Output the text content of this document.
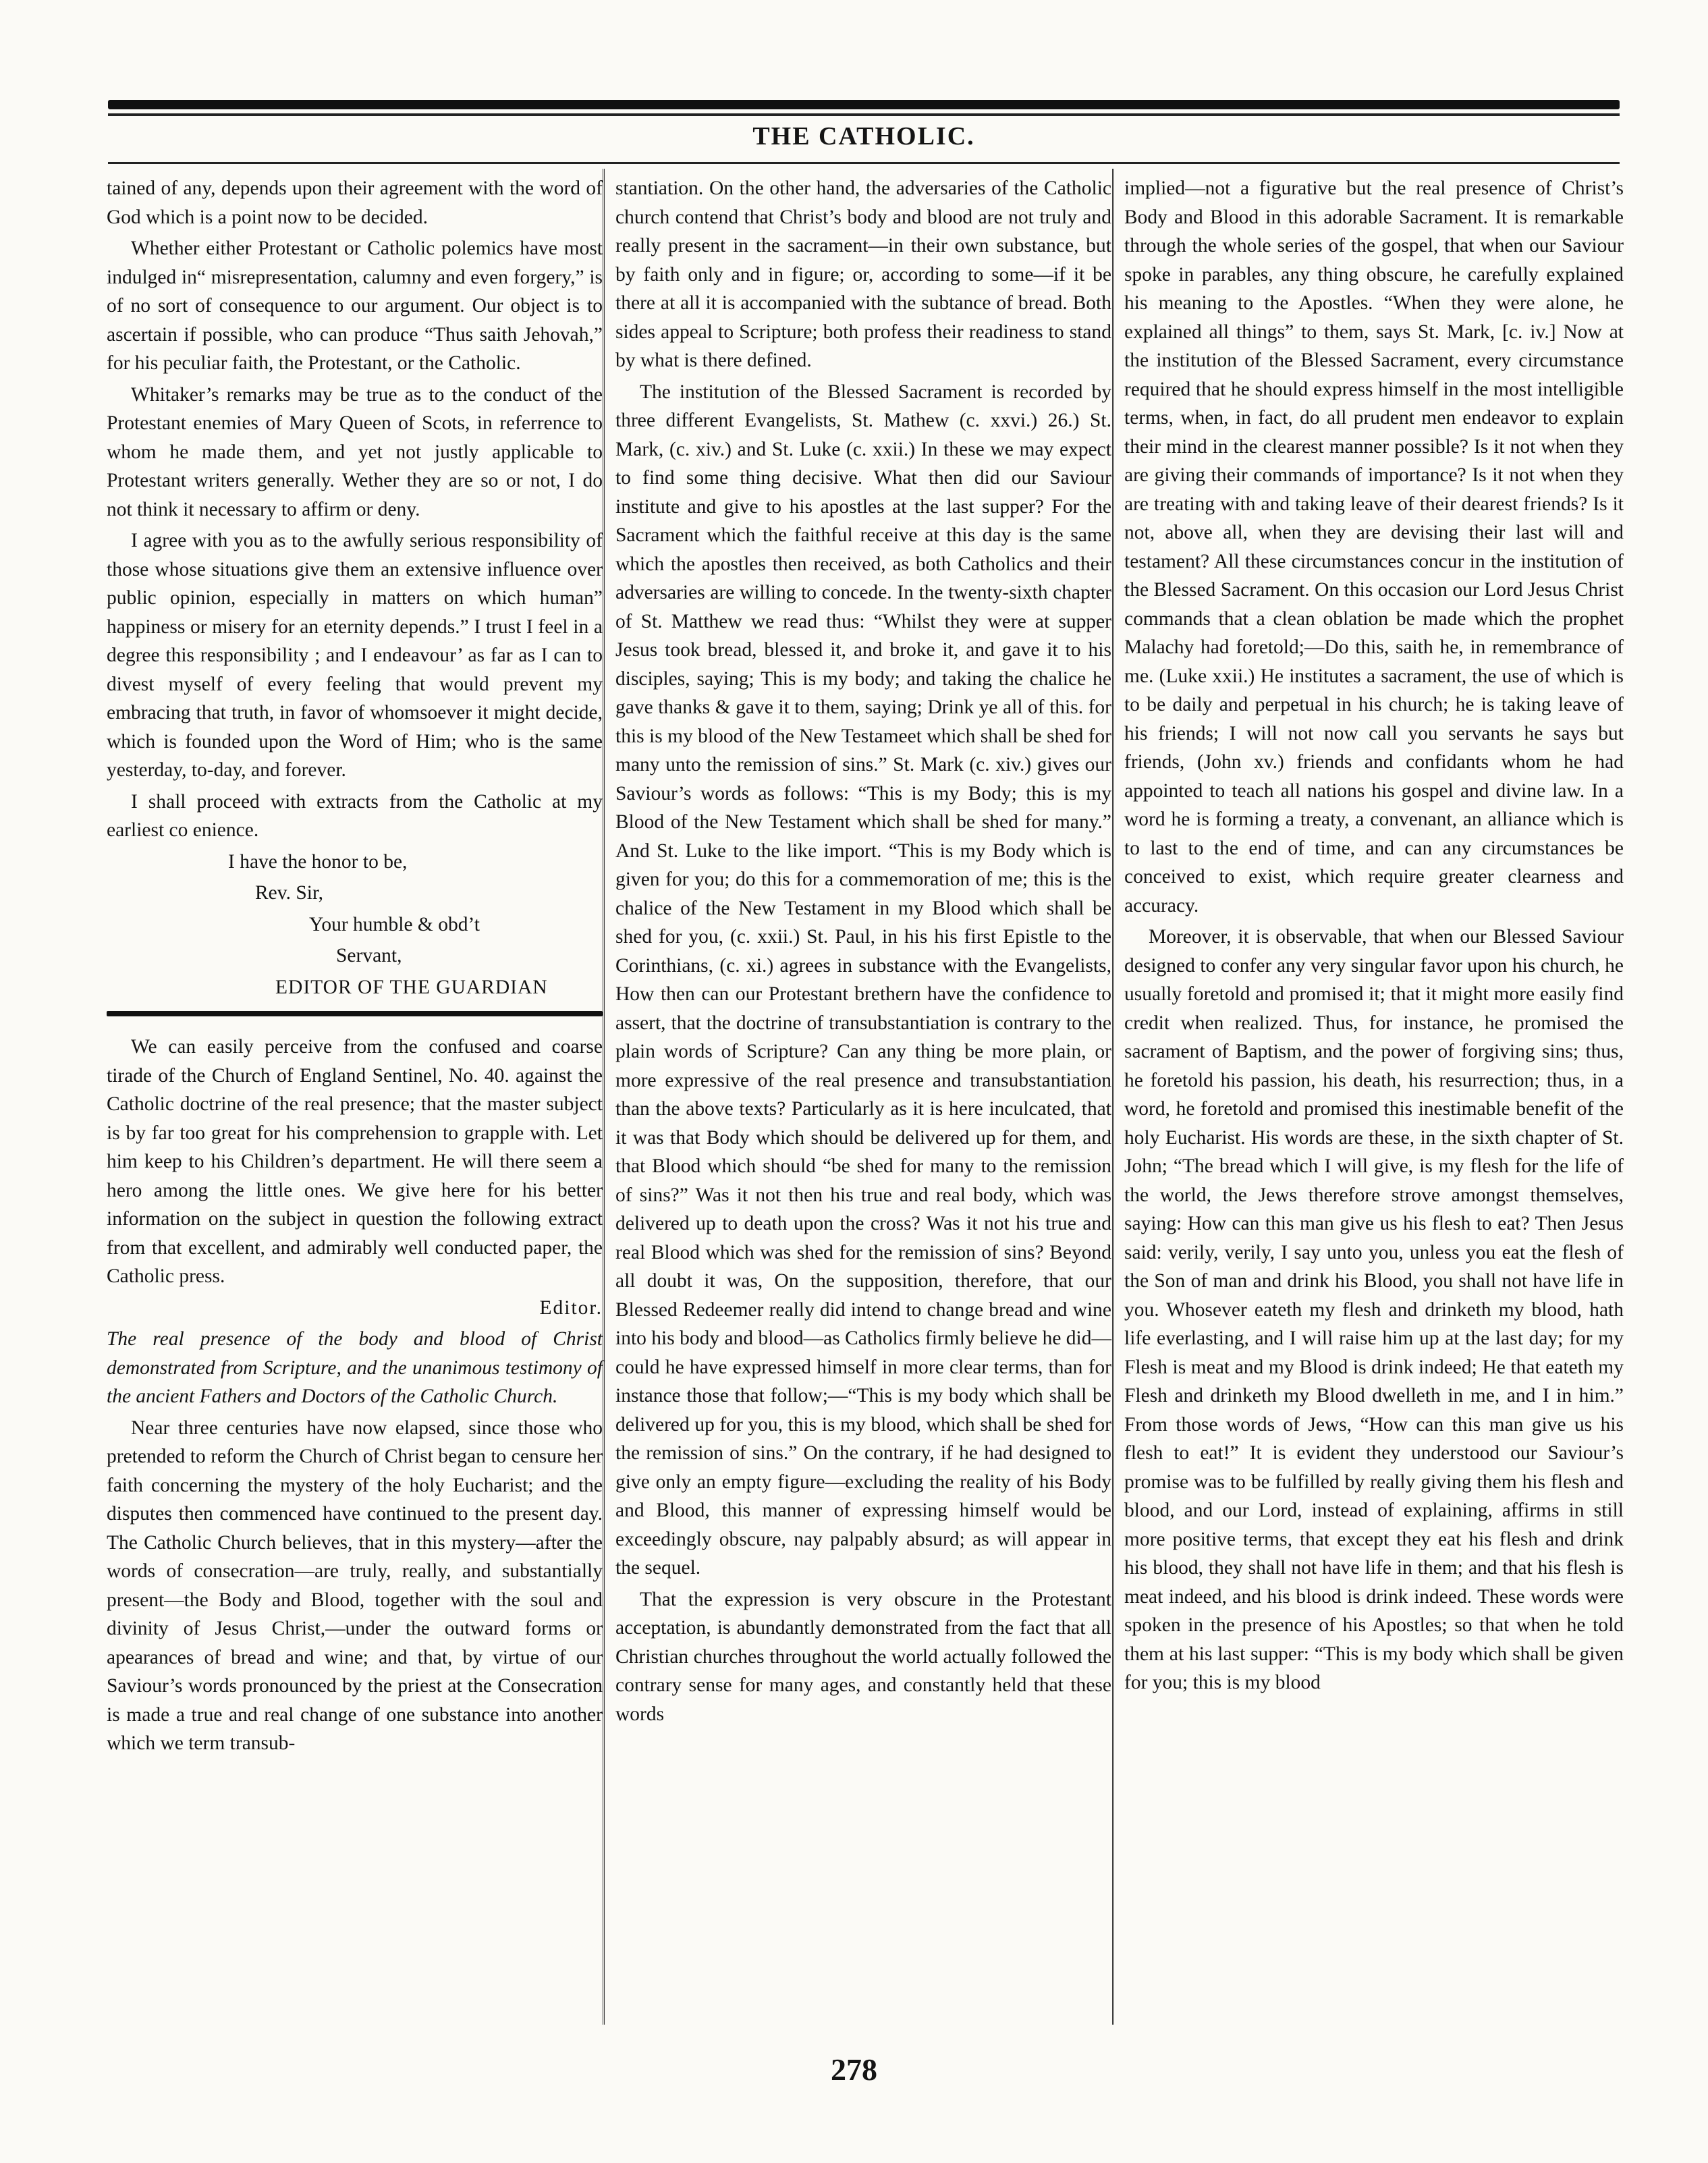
THE CATHOLIC.

tained of any, depends upon their agreement with the word of God which is a point now to be decided.

Whether either Protestant or Catholic polemics have most indulged in“ misrepresentation, calumny and even forgery,” is of no sort of consequence to our argument. Our object is to ascertain if possible, who can produce “Thus saith Jehovah,” for his peculiar faith, the Protestant, or the Catholic.

Whitaker’s remarks may be true as to the conduct of the Protestant enemies of Mary Queen of Scots, in referrence to whom he made them, and yet not justly applicable to Protestant writers generally. Wether they are so or not, I do not think it necessary to affirm or deny.

I agree with you as to the awfully serious responsibility of those whose situations give them an extensive influence over public opinion, especially in matters on which human” happiness or misery for an eternity depends.” I trust I feel in a degree this responsibility ; and I endeavour’ as far as I can to divest myself of every feeling that would prevent my embracing that truth, in favor of whomsoever it might decide, which is founded upon the Word of Him; who is the same yesterday, to-day, and forever.

I shall proceed with extracts from the Catholic at my earliest co enience.

I have the honor to be,

Rev. Sir,

Your humble & obd’t

Servant,

EDITOR OF THE GUARDIAN

We can easily perceive from the confused and coarse tirade of the Church of England Sentinel, No. 40. against the Catholic doctrine of the real presence; that the master subject is by far too great for his comprehension to grapple with. Let him keep to his Children’s department. He will there seem a hero among the little ones. We give here for his better information on the subject in question the following extract from that excellent, and admirably well conducted paper, the Catholic press.

Editor.

The real presence of the body and blood of Christ demonstrated from Scripture, and the unanimous testimony of the ancient Fathers and Doctors of the Catholic Church.

Near three centuries have now elapsed, since those who pretended to reform the Church of Christ began to censure her faith concerning the mystery of the holy Eucharist; and the disputes then commenced have continued to the present day. The Catholic Church believes, that in this mystery—after the words of consecration—are truly, really, and substantially present—the Body and Blood, together with the soul and divinity of Jesus Christ,—under the outward forms or apearances of bread and wine; and that, by virtue of our Saviour’s words pronounced by the priest at the Consecration is made a true and real change of one substance into another which we term transub-

stantiation. On the other hand, the adversaries of the Catholic church contend that Christ’s body and blood are not truly and really present in the sacrament—in their own substance, but by faith only and in figure; or, according to some—if it be there at all it is accompanied with the subtance of bread. Both sides appeal to Scripture; both profess their readiness to stand by what is there defined.

The institution of the Blessed Sacrament is recorded by three different Evangelists, St. Mathew (c. xxvi.) 26.) St. Mark, (c. xiv.) and St. Luke (c. xxii.) In these we may expect to find some thing decisive. What then did our Saviour institute and give to his apostles at the last supper? For the Sacrament which the faithful receive at this day is the same which the apostles then received, as both Catholics and their adversaries are willing to concede. In the twenty-sixth chapter of St. Matthew we read thus: “Whilst they were at supper Jesus took bread, blessed it, and broke it, and gave it to his disciples, saying; This is my body; and taking the chalice he gave thanks & gave it to them, saying; Drink ye all of this. for this is my blood of the New Testameet which shall be shed for many unto the remission of sins.” St. Mark (c. xiv.) gives our Saviour’s words as follows: “This is my Body; this is my Blood of the New Testament which shall be shed for many.” And St. Luke to the like import. “This is my Body which is given for you; do this for a commemoration of me; this is the chalice of the New Testament in my Blood which shall be shed for you, (c. xxii.) St. Paul, in his his first Epistle to the Corinthians, (c. xi.) agrees in substance with the Evangelists, How then can our Protestant brethern have the confidence to assert, that the doctrine of transubstantiation is contrary to the plain words of Scripture? Can any thing be more plain, or more expressive of the real presence and transubstantiation than the above texts? Particularly as it is here inculcated, that it was that Body which should be delivered up for them, and that Blood which should “be shed for many to the remission of sins?” Was it not then his true and real body, which was delivered up to death upon the cross? Was it not his true and real Blood which was shed for the remission of sins? Beyond all doubt it was, On the supposition, therefore, that our Blessed Redeemer really did intend to change bread and wine into his body and blood—as Catholics firmly believe he did—could he have expressed himself in more clear terms, than for instance those that follow;—“This is my body which shall be delivered up for you, this is my blood, which shall be shed for the remission of sins.” On the contrary, if he had designed to give only an empty figure—excluding the reality of his Body and Blood, this manner of expressing himself would be exceedingly obscure, nay palpably absurd; as will appear in the sequel.

That the expression is very obscure in the Protestant acceptation, is abundantly demonstrated from the fact that all Christian churches throughout the world actually followed the contrary sense for many ages, and constantly held that these words

implied—not a figurative but the real presence of Christ’s Body and Blood in this adorable Sacrament. It is remarkable through the whole series of the gospel, that when our Saviour spoke in parables, any thing obscure, he carefully explained his meaning to the Apostles. “When they were alone, he explained all things” to them, says St. Mark, [c. iv.] Now at the institution of the Blessed Sacrament, every circumstance required that he should express himself in the most intelligible terms, when, in fact, do all prudent men endeavor to explain their mind in the clearest manner possible? Is it not when they are giving their commands of importance? Is it not when they are treating with and taking leave of their dearest friends? Is it not, above all, when they are devising their last will and testament? All these circumstances concur in the institution of the Blessed Sacrament. On this occasion our Lord Jesus Christ commands that a clean oblation be made which the prophet Malachy had foretold;—Do this, saith he, in remembrance of me. (Luke xxii.) He institutes a sacrament, the use of which is to be daily and perpetual in his church; he is taking leave of his friends; I will not now call you servants he says but friends, (John xv.) friends and confidants whom he had appointed to teach all nations his gospel and divine law. In a word he is forming a treaty, a convenant, an alliance which is to last to the end of time, and can any circumstances be conceived to exist, which require greater clearness and accuracy.

Moreover, it is observable, that when our Blessed Saviour designed to confer any very singular favor upon his church, he usually foretold and promised it; that it might more easily find credit when realized. Thus, for instance, he promised the sacrament of Baptism, and the power of forgiving sins; thus, he foretold his passion, his death, his resurrection; thus, in a word, he foretold and promised this inestimable benefit of the holy Eucharist. His words are these, in the sixth chapter of St. John; “The bread which I will give, is my flesh for the life of the world, the Jews therefore strove amongst themselves, saying: How can this man give us his flesh to eat? Then Jesus said: verily, verily, I say unto you, unless you eat the flesh of the Son of man and drink his Blood, you shall not have life in you. Whosever eateth my flesh and drinketh my blood, hath life everlasting, and I will raise him up at the last day; for my Flesh is meat and my Blood is drink indeed; He that eateth my Flesh and drinketh my Blood dwelleth in me, and I in him.” From those words of Jews, “How can this man give us his flesh to eat!” It is evident they understood our Saviour’s promise was to be fulfilled by really giving them his flesh and blood, and our Lord, instead of explaining, affirms in still more positive terms, that except they eat his flesh and drink his blood, they shall not have life in them; and that his flesh is meat indeed, and his blood is drink indeed. These words were spoken in the presence of his Apostles; so that when he told them at his last supper: “This is my body which shall be given for you; this is my blood

278
